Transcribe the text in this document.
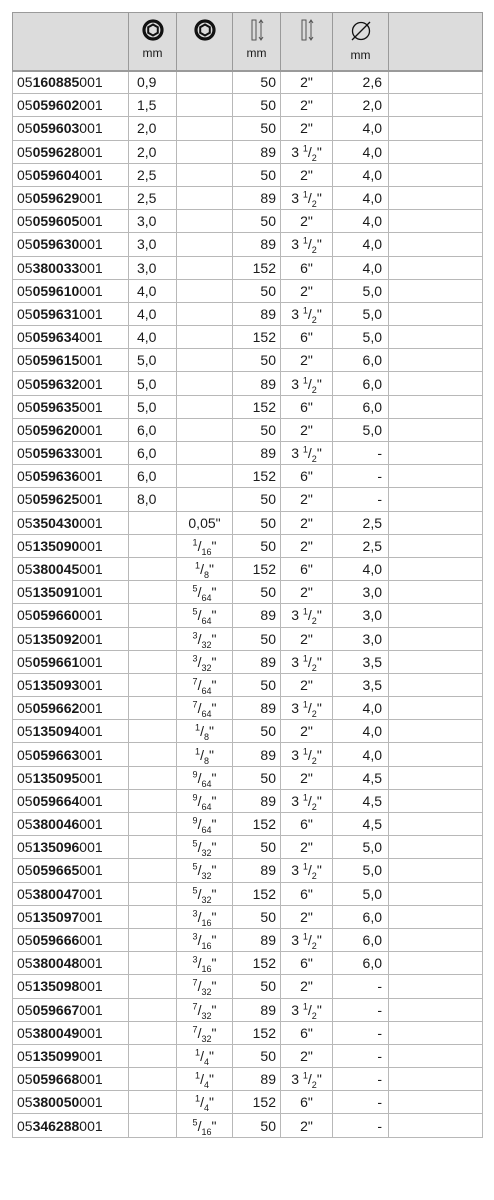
	mm		mm		mm	

05160885001	0,9		50	2"	2,6	
05059602001	1,5		50	2"	2,0	
05059603001	2,0		50	2"	4,0	
05059628001	2,0		89	3 $^1/_2$"	4,0	
05059604001	2,5		50	2"	4,0	
05059629001	2,5		89	3 $^1/_2$"	4,0	
05059605001	3,0		50	2"	4,0	
05059630001	3,0		89	3 $^1/_2$"	4,0	
05380033001	3,0		152	6"	4,0	
05059610001	4,0		50	2"	5,0	
05059631001	4,0		89	3 $^1/_2$"	5,0	
05059634001	4,0		152	6"	5,0	
05059615001	5,0		50	2"	6,0	
05059632001	5,0		89	3 $^1/_2$"	6,0	
05059635001	5,0		152	6"	6,0	
05059620001	6,0		50	2"	5,0	
05059633001	6,0		89	3 $^1/_2$"	-	
05059636001	6,0		152	6"	-	
05059625001	8,0		50	2"	-	
05350430001		0,05"	50	2"	2,5	
05135090001		$^1/_{16}$"	50	2"	2,5	
05380045001		$^1/_8$"	152	6"	4,0	
05135091001		$^5/_{64}$"	50	2"	3,0	
05059660001		$^5/_{64}$"	89	3 $^1/_2$"	3,0	
05135092001		$^3/_{32}$"	50	2"	3,0	
05059661001		$^3/_{32}$"	89	3 $^1/_2$"	3,5	
05135093001		$^7/_{64}$"	50	2"	3,5	
05059662001		$^7/_{64}$"	89	3 $^1/_2$"	4,0	
05135094001		$^1/_8$"	50	2"	4,0	
05059663001		$^1/_8$"	89	3 $^1/_2$"	4,0	
05135095001		$^9/_{64}$"	50	2"	4,5	
05059664001		$^9/_{64}$"	89	3 $^1/_2$"	4,5	
05380046001		$^9/_{64}$"	152	6"	4,5	
05135096001		$^5/_{32}$"	50	2"	5,0	
05059665001		$^5/_{32}$"	89	3 $^1/_2$"	5,0	
05380047001		$^5/_{32}$"	152	6"	5,0	
05135097001		$^3/_{16}$"	50	2"	6,0	
05059666001		$^3/_{16}$"	89	3 $^1/_2$"	6,0	
05380048001		$^3/_{16}$"	152	6"	6,0	
05135098001		$^7/_{32}$"	50	2"	-	
05059667001		$^7/_{32}$"	89	3 $^1/_2$"	-	
05380049001		$^7/_{32}$"	152	6"	-	
05135099001		$^1/_4$"	50	2"	-	
05059668001		$^1/_4$"	89	3 $^1/_2$"	-	
05380050001		$^1/_4$"	152	6"	-	
05346288001		$^5/_{16}$"	50	2"	-	
